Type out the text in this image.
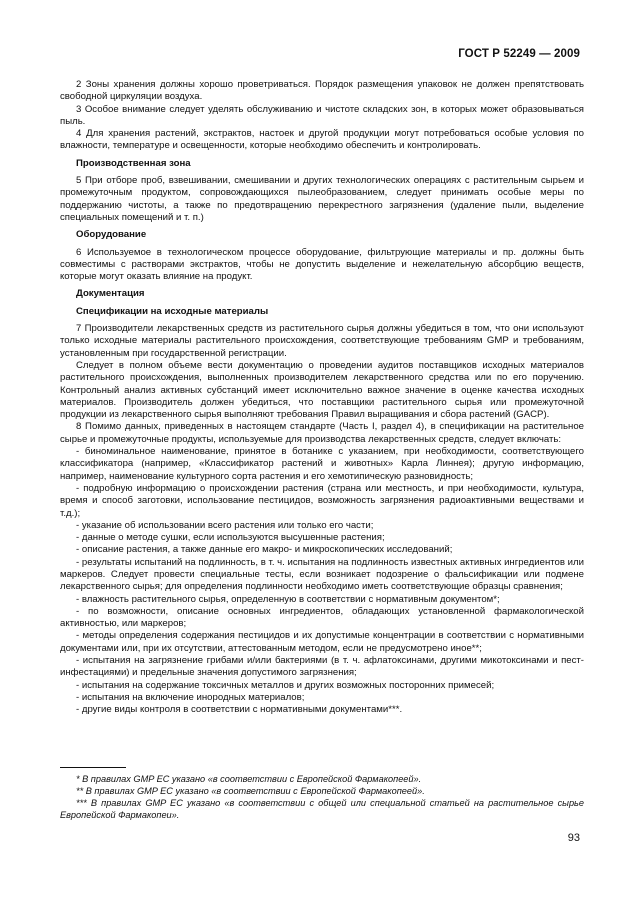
ГОСТ Р 52249 — 2009

2 Зоны хранения должны хорошо проветриваться. Порядок размещения упаковок не должен препятствовать свободной циркуляции воздуха.

3 Особое внимание следует уделять обслуживанию и чистоте складских зон, в которых может образовываться пыль.

4 Для хранения растений, экстрактов, настоек и другой продукции могут потребоваться особые условия по влажности, температуре и освещенности, которые необходимо обеспечить и контролировать.

Производственная зона

5 При отборе проб, взвешивании, смешивании и других технологических операциях с растительным сырьем и промежуточным продуктом, сопровождающихся пылеобразованием, следует принимать особые меры по поддержанию чистоты, а также по предотвращению перекрестного загрязнения (удаление пыли, выделение специальных помещений и т. п.)

Оборудование

6 Используемое в технологическом процессе оборудование, фильтрующие материалы и пр. должны быть совместимы с растворами экстрактов, чтобы не допустить выделение и нежелательную абсорбцию веществ, которые могут оказать влияние на продукт.

Документация

Спецификации на исходные материалы

7 Производители лекарственных средств из растительного сырья должны убедиться в том, что они используют только исходные материалы растительного происхождения, соответствующие требованиям GMP и требованиям, установленным при государственной регистрации.

Следует в полном объеме вести документацию о проведении аудитов поставщиков исходных материалов растительного происхождения, выполненных производителем лекарственного средства или по его поручению. Контрольный анализ активных субстанций имеет исключительно важное значение в оценке качества исходных материалов. Производитель должен убедиться, что поставщики растительного сырья или промежуточной продукции из лекарственного сырья выполняют требования Правил выращивания и сбора растений (GACP).

8 Помимо данных, приведенных в настоящем стандарте (Часть I, раздел 4), в спецификации на растительное сырье и промежуточные продукты, используемые для производства лекарственных средств, следует включать:

- биноминальное наименование, принятое в ботанике с указанием, при необходимости, соответствующего классификатора (например, «Классификатор растений и животных» Карла Линнея); другую информацию, например, наименование культурного сорта растения и его хемотипическую разновидность;

- подробную информацию о происхождении растения (страна или местность, и при необходимости, культура, время и способ заготовки, использование пестицидов, возможность загрязнения радиоактивными веществами и т.д.);

- указание об использовании всего растения или только его части;

- данные о методе сушки, если используются высушенные растения;

- описание растения, а также данные его макро- и микроскопических исследований;

- результаты испытаний на подлинность, в т. ч. испытания на подлинность известных активных ингредиентов или маркеров. Следует провести специальные тесты, если возникает подозрение о фальсификации или подмене лекарственного сырья; для определения подлинности необходимо иметь соответствующие образцы сравнения;

- влажность растительного сырья, определенную в соответствии с нормативным документом*;

- по возможности, описание основных ингредиентов, обладающих установленной фармакологической активностью, или маркеров;

- методы определения содержания пестицидов и их допустимые концентрации в соответствии с нормативными документами или, при их отсутствии, аттестованным методом, если не предусмотрено иное**;

- испытания на загрязнение грибами и/или бактериями (в т. ч. афлатоксинами, другими микотоксинами и пест-инфестациями) и предельные значения допустимого загрязнения;

- испытания на содержание токсичных металлов и других возможных посторонних примесей;

- испытания на включение инородных материалов;

- другие виды контроля в соответствии с нормативными документами***.

* В правилах GMP ЕС указано «в соответствии с Европейской Фармакопеей».

** В правилах GMP ЕС указано «в соответствии с Европейской Фармакопеей».

*** В правилах GMP ЕС указано «в соответствии с общей или специальной статьей на растительное сырье Европейской Фармакопеи».

93
